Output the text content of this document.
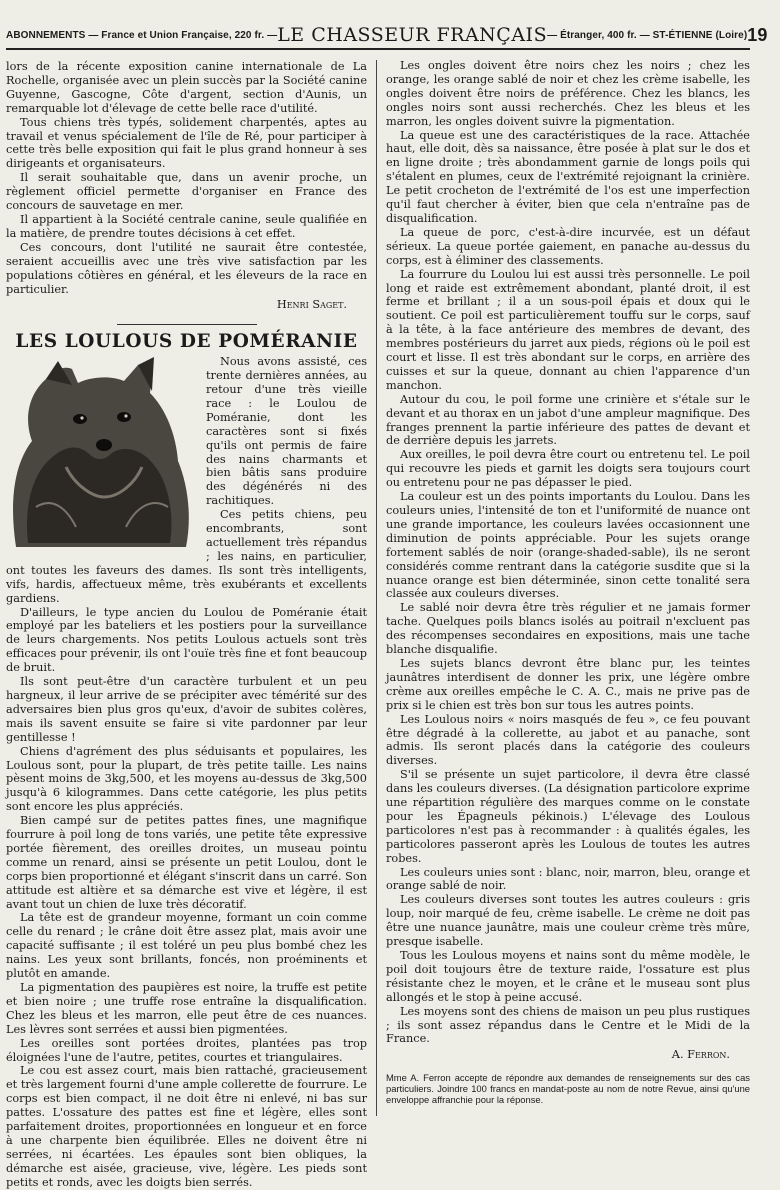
ABONNEMENTS — France et Union Française, 220 fr. — LE CHASSEUR FRANÇAIS — Étranger, 400 fr. — ST-ÉTIENNE (Loire) 19

lors de la récente exposition canine internationale de La Rochelle, organisée avec un plein succès par la Société canine Guyenne, Gascogne, Côte d'argent, section d'Aunis, un remarquable lot d'élevage de cette belle race d'utilité.

Tous chiens très typés, solidement charpentés, aptes au travail et venus spécialement de l'île de Ré, pour participer à cette très belle exposition qui fait le plus grand honneur à ses dirigeants et organisateurs.

Il serait souhaitable que, dans un avenir proche, un règlement officiel permette d'organiser en France des concours de sauvetage en mer.

Il appartient à la Société centrale canine, seule qualifiée en la matière, de prendre toutes décisions à cet effet.

Ces concours, dont l'utilité ne saurait être contestée, seraient accueillis avec une très vive satisfaction par les populations côtières en général, et les éleveurs de la race en particulier.

Henri Saget.

LES LOULOUS DE POMÉRANIE

Nous avons assisté, ces trente dernières années, au retour d'une très vieille race : le Loulou de Poméranie, dont les caractères sont si fixés qu'ils ont permis de faire des nains charmants et bien bâtis sans produire des dégénérés ni des rachitiques.

Ces petits chiens, peu encombrants, sont actuellement très répandus ; les nains, en particulier, ont toutes les faveurs des dames. Ils sont très intelligents, vifs, hardis, affectueux même, très exubérants et excellents gardiens.

D'ailleurs, le type ancien du Loulou de Poméranie était employé par les bateliers et les postiers pour la surveillance de leurs chargements. Nos petits Loulous actuels sont très efficaces pour prévenir, ils ont l'ouïe très fine et font beaucoup de bruit.

Ils sont peut-être d'un caractère turbulent et un peu hargneux, il leur arrive de se précipiter avec témérité sur des adversaires bien plus gros qu'eux, d'avoir de subites colères, mais ils savent ensuite se faire si vite pardonner par leur gentillesse !

Chiens d'agrément des plus séduisants et populaires, les Loulous sont, pour la plupart, de très petite taille. Les nains pèsent moins de 3kg,500, et les moyens au-dessus de 3kg,500 jusqu'à 6 kilogrammes. Dans cette catégorie, les plus petits sont encore les plus appréciés.

Bien campé sur de petites pattes fines, une magnifique fourrure à poil long de tons variés, une petite tête expressive portée fièrement, des oreilles droites, un museau pointu comme un renard, ainsi se présente un petit Loulou, dont le corps bien proportionné et élégant s'inscrit dans un carré. Son attitude est altière et sa démarche est vive et légère, il est avant tout un chien de luxe très décoratif.

La tête est de grandeur moyenne, formant un coin comme celle du renard ; le crâne doit être assez plat, mais avoir une capacité suffisante ; il est toléré un peu plus bombé chez les nains. Les yeux sont brillants, foncés, non proéminents et plutôt en amande.

La pigmentation des paupières est noire, la truffe est petite et bien noire ; une truffe rose entraîne la disqualification. Chez les bleus et les marron, elle peut être de ces nuances. Les lèvres sont serrées et aussi bien pigmentées.

Les oreilles sont portées droites, plantées pas trop éloignées l'une de l'autre, petites, courtes et triangulaires.

Le cou est assez court, mais bien rattaché, gracieusement et très largement fourni d'une ample collerette de fourrure. Le corps est bien compact, il ne doit être ni enlevé, ni bas sur pattes. L'ossature des pattes est fine et légère, elles sont parfaitement droites, proportionnées en longueur et en force à une charpente bien équilibrée. Elles ne doivent être ni serrées, ni écartées. Les épaules sont bien obliques, la démarche est aisée, gracieuse, vive, légère. Les pieds sont petits et ronds, avec les doigts bien serrés.

Les ongles doivent être noirs chez les noirs ; chez les orange, les orange sablé de noir et chez les crème isabelle, les ongles doivent être noirs de préférence. Chez les blancs, les ongles noirs sont aussi recherchés. Chez les bleus et les marron, les ongles doivent suivre la pigmentation.

La queue est une des caractéristiques de la race. Attachée haut, elle doit, dès sa naissance, être posée à plat sur le dos et en ligne droite ; très abondamment garnie de longs poils qui s'étalent en plumes, ceux de l'extrémité rejoignant la crinière. Le petit crocheton de l'extrémité de l'os est une imperfection qu'il faut chercher à éviter, bien que cela n'entraîne pas de disqualification.

La queue de porc, c'est-à-dire incurvée, est un défaut sérieux. La queue portée gaiement, en panache au-dessus du corps, est à éliminer des classements.

La fourrure du Loulou lui est aussi très personnelle. Le poil long et raide est extrêmement abondant, planté droit, il est ferme et brillant ; il a un sous-poil épais et doux qui le soutient. Ce poil est particulièrement touffu sur le corps, sauf à la tête, à la face antérieure des membres de devant, des membres postérieurs du jarret aux pieds, régions où le poil est court et lisse. Il est très abondant sur le corps, en arrière des cuisses et sur la queue, donnant au chien l'apparence d'un manchon.

Autour du cou, le poil forme une crinière et s'étale sur le devant et au thorax en un jabot d'une ampleur magnifique. Des franges prennent la partie inférieure des pattes de devant et de derrière depuis les jarrets.

Aux oreilles, le poil devra être court ou entretenu tel. Le poil qui recouvre les pieds et garnit les doigts sera toujours court ou entretenu pour ne pas dépasser le pied.

La couleur est un des points importants du Loulou. Dans les couleurs unies, l'intensité de ton et l'uniformité de nuance ont une grande importance, les couleurs lavées occasionnent une diminution de points appréciable. Pour les sujets orange fortement sablés de noir (orange-shaded-sable), ils ne seront considérés comme rentrant dans la catégorie susdite que si la nuance orange est bien déterminée, sinon cette tonalité sera classée aux couleurs diverses.

Le sablé noir devra être très régulier et ne jamais former tache. Quelques poils blancs isolés au poitrail n'excluent pas des récompenses secondaires en expositions, mais une tache blanche disqualifie.

Les sujets blancs devront être blanc pur, les teintes jaunâtres interdisent de donner les prix, une légère ombre crème aux oreilles empêche le C. A. C., mais ne prive pas de prix si le chien est très bon sur tous les autres points.

Les Loulous noirs « noirs masqués de feu », ce feu pouvant être dégradé à la collerette, au jabot et au panache, sont admis. Ils seront placés dans la catégorie des couleurs diverses.

S'il se présente un sujet particolore, il devra être classé dans les couleurs diverses. (La désignation particolore exprime une répartition régulière des marques comme on le constate pour les Épagneuls pékinois.) L'élevage des Loulous particolores n'est pas à recommander : à qualités égales, les particolores passeront après les Loulous de toutes les autres robes.

Les couleurs unies sont : blanc, noir, marron, bleu, orange et orange sablé de noir.

Les couleurs diverses sont toutes les autres couleurs : gris loup, noir marqué de feu, crème isabelle. Le crème ne doit pas être une nuance jaunâtre, mais une couleur crème très mûre, presque isabelle.

Tous les Loulous moyens et nains sont du même modèle, le poil doit toujours être de texture raide, l'ossature est plus résistante chez le moyen, et le crâne et le museau sont plus allongés et le stop à peine accusé.

Les moyens sont des chiens de maison un peu plus rustiques ; ils sont assez répandus dans le Centre et le Midi de la France.

A. Ferron.

Mme A. Ferron accepte de répondre aux demandes de renseignements sur des cas particuliers. Joindre 100 francs en mandat-poste au nom de notre Revue, ainsi qu'une enveloppe affranchie pour la réponse.
